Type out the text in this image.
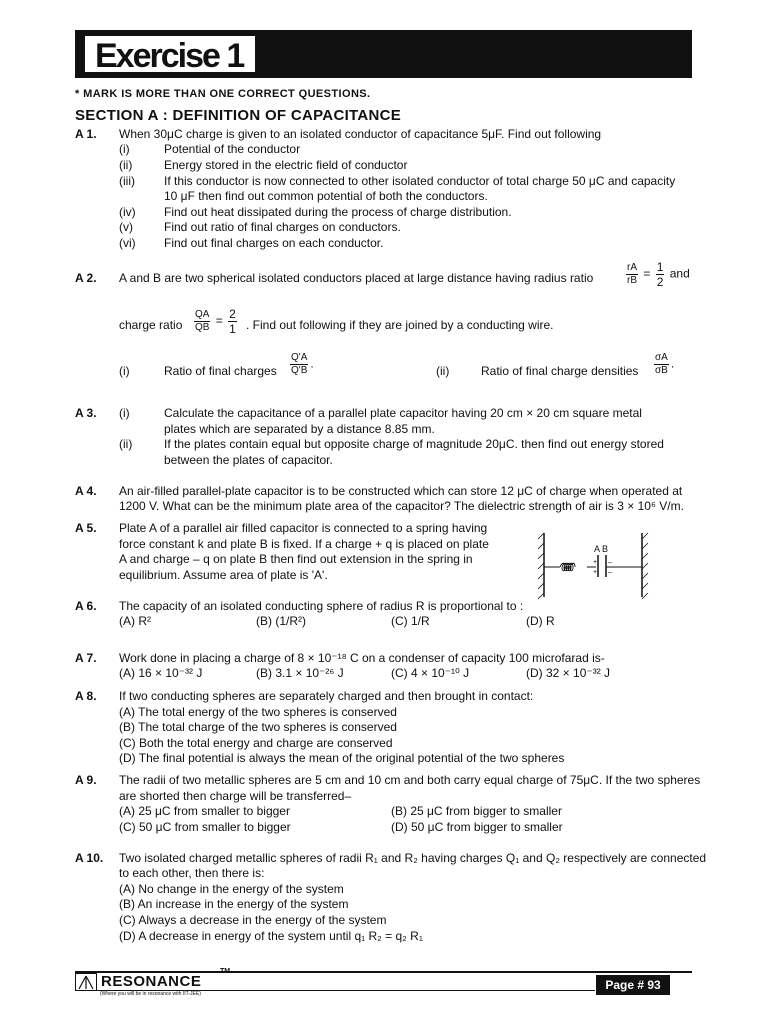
Exercise 1
* MARK IS MORE THAN ONE CORRECT QUESTIONS.
SECTION A : DEFINITION OF CAPACITANCE
A 1. When 30μC charge is given to an isolated conductor of capacitance 5μF. Find out following
(i)	Potential of the conductor
(ii)	Energy stored in the electric field of conductor
(iii) If this conductor is now connected to other isolated conductor of total charge 50 μC and capacity
10 μF then find out common potential of both the conductors.
(iv) Find out heat dissipated during the process of charge distribution.
(v)	Find out ratio of final charges on conductors.
(vi) Find out final charges on each conductor.
A 2. A and B are two spherical isolated conductors placed at large distance having radius ratio	$\frac{rA}{rB} = \frac{1}{2}$ and
charge ratio $\frac{QA}{QB} = \frac{2}{1}$ . Find out following if they are joined by a conducting wire.
(i)	Ratio of final charges $\frac{Q'A}{Q'B}$ .
(ii)	Ratio of final charge densities $\frac{\sigma A}{\sigma B}$ .
A 3. (i)	Calculate the capacitance of a parallel plate capacitor having 20 cm × 20 cm square metal
plates which are separated by a distance 8.85 mm.
(ii)	If the plates contain equal but opposite charge of magnitude 20μC. then find out energy stored
between the plates of capacitor.
A 4. An air-filled parallel-plate capacitor is to be constructed which can store 12 μC of charge when operated at
1200 V. What can be the minimum plate area of the capacitor? The dielectric strength of air is 3 × 10⁶ V/m.
A 5. Plate A of a parallel air filled capacitor is connected to a spring having
force constant k and plate B is fixed. If a charge + q is placed on plate
A and charge – q on plate B then find out extension in the spring in
equilibrium. Assume area of plate is 'A'.
+
+
–
–
A B
A 6. The capacity of an isolated conducting sphere of radius R is proportional to :
(A) R²	(B) (1/R²)	(C) 1/R	(D) R
A 7. Work done in placing a charge of 8 × 10⁻¹⁸ C on a condenser of capacity 100 microfarad is-
(A) 16 × 10⁻³² J	(B) 3.1 × 10⁻²⁶ J	(C) 4 × 10⁻¹⁰ J	(D) 32 × 10⁻³² J
A 8. If two conducting spheres are separately charged and then brought in contact:
(A) The total energy of the two spheres is conserved
(B) The total charge of the two spheres is conserved
(C) Both the total energy and charge are conserved
(D) The final potential is always the mean of the original potential of the two spheres
A 9. The radii of two metallic spheres are 5 cm and 10 cm and both carry equal charge of 75μC. If the two spheres
are shorted then charge will be transferred–
(A) 25 μC from smaller to bigger	(B) 25 μC from bigger to smaller
(C) 50 μC from smaller to bigger	(D) 50 μC from bigger to smaller
A 10. Two isolated charged metallic spheres of radii R₁ and R₂ having charges Q₁ and Q₂ respectively are connected
to each other, then there is:
(A) No change in the energy of the system
(B) An increase in the energy of the system
(C) Always a decrease in the energy of the system
(D) A decrease in energy of the system until q₁ R₂ = q₂ R₁
RESONANCE
TM
(Where you will be in resonance with IIT-JEE)
Page # 93
